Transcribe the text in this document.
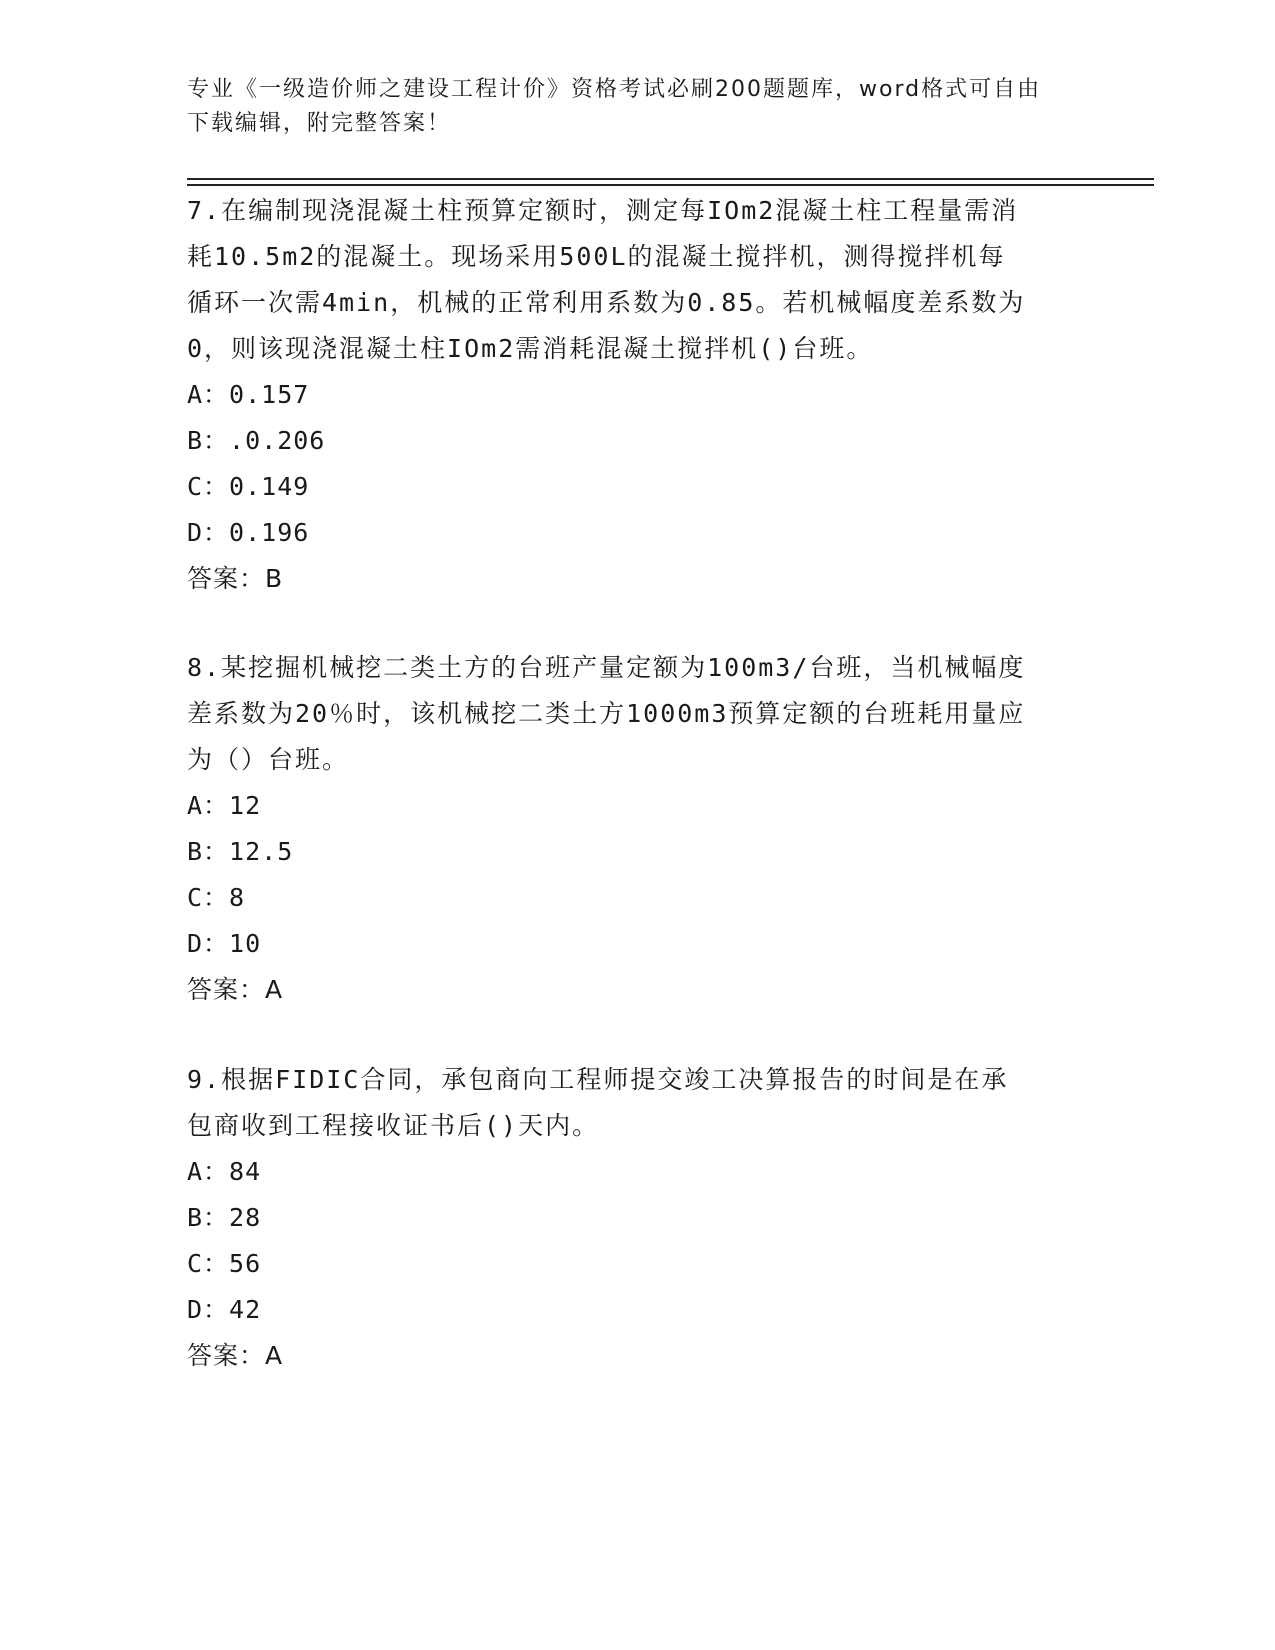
专业《一级造价师之建设工程计价》资格考试必刷200题题库，word格式可自由
下载编辑，附完整答案！
7.在编制现浇混凝土柱预算定额时，测定每IOm2混凝土柱工程量需消
耗10.5m2的混凝土。现场采用500L的混凝土搅拌机，测得搅拌机每
循环一次需4min，机械的正常利用系数为0.85。若机械幅度差系数为
0，则该现浇混凝土柱IOm2需消耗混凝土搅拌机()台班。
A：0.157
B：.0.206
C：0.149
D：0.196
答案：B
8.某挖掘机械挖二类土方的台班产量定额为100m3/台班，当机械幅度
差系数为20％时，该机械挖二类土方1000m3预算定额的台班耗用量应
为（）台班。
A：12
B：12.5
C：8
D：10
答案：A
9.根据FIDIC合同，承包商向工程师提交竣工决算报告的时间是在承
包商收到工程接收证书后()天内。
A：84
B：28
C：56
D：42
答案：A
